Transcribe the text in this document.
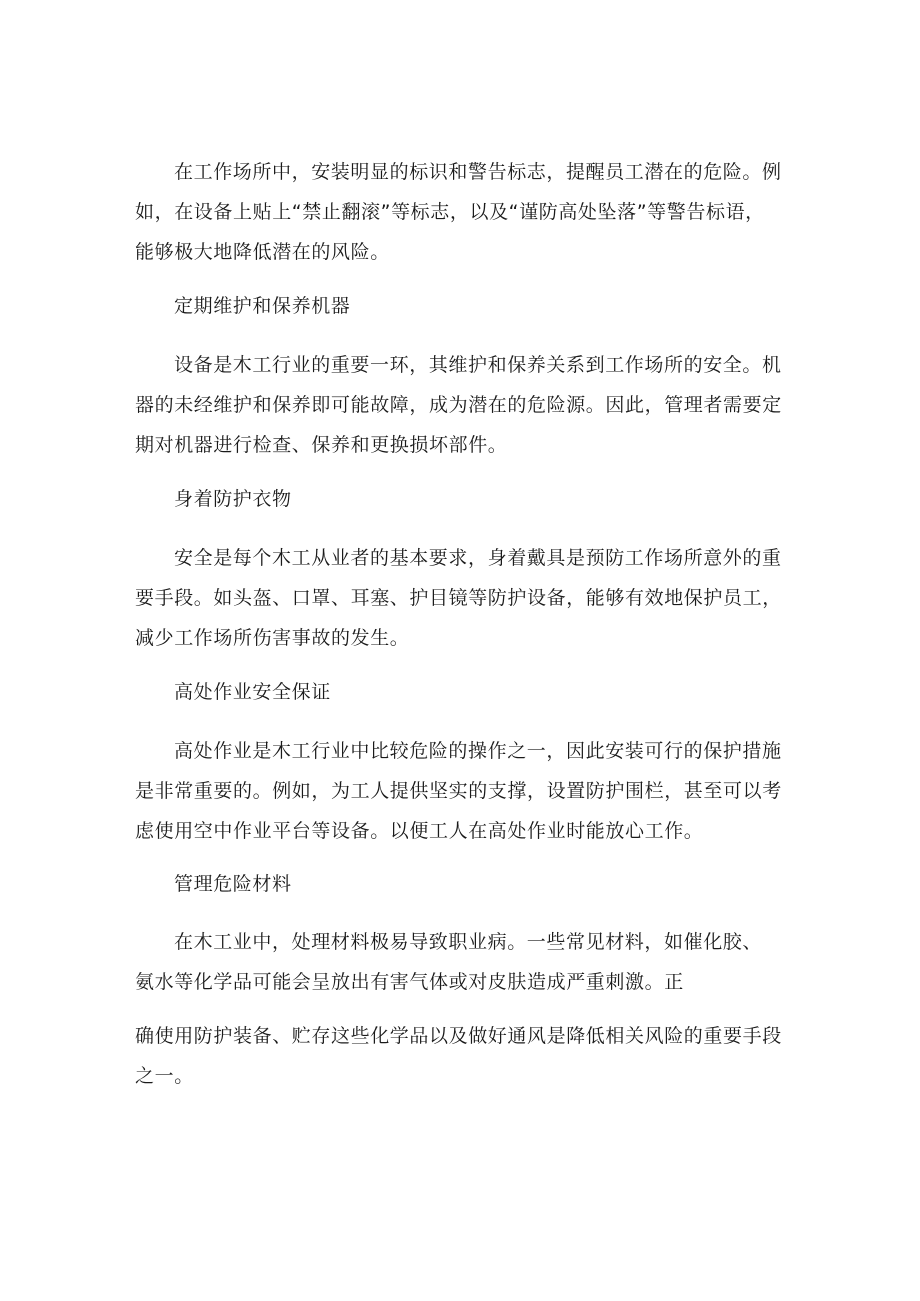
在工作场所中，安装明显的标识和警告标志，提醒员工潜在的危险。例
如，在设备上贴上“禁止翻滚”等标志，以及“谨防高处坠落”等警告标语，
能够极大地降低潜在的风险。

定期维护和保养机器

设备是木工行业的重要一环，其维护和保养关系到工作场所的安全。机
器的未经维护和保养即可能故障，成为潜在的危险源。因此，管理者需要定
期对机器进行检查、保养和更换损坏部件。

身着防护衣物

安全是每个木工从业者的基本要求，身着戴具是预防工作场所意外的重
要手段。如头盔、口罩、耳塞、护目镜等防护设备，能够有效地保护员工，
减少工作场所伤害事故的发生。

高处作业安全保证

高处作业是木工行业中比较危险的操作之一，因此安装可行的保护措施
是非常重要的。例如，为工人提供坚实的支撑，设置防护围栏，甚至可以考
虑使用空中作业平台等设备。以便工人在高处作业时能放心工作。

管理危险材料

在木工业中，处理材料极易导致职业病。一些常见材料，如催化胶、
氨水等化学品可能会呈放出有害气体或对皮肤造成严重刺激。正

确使用防护装备、贮存这些化学品以及做好通风是降低相关风险的重要手段
之一。
